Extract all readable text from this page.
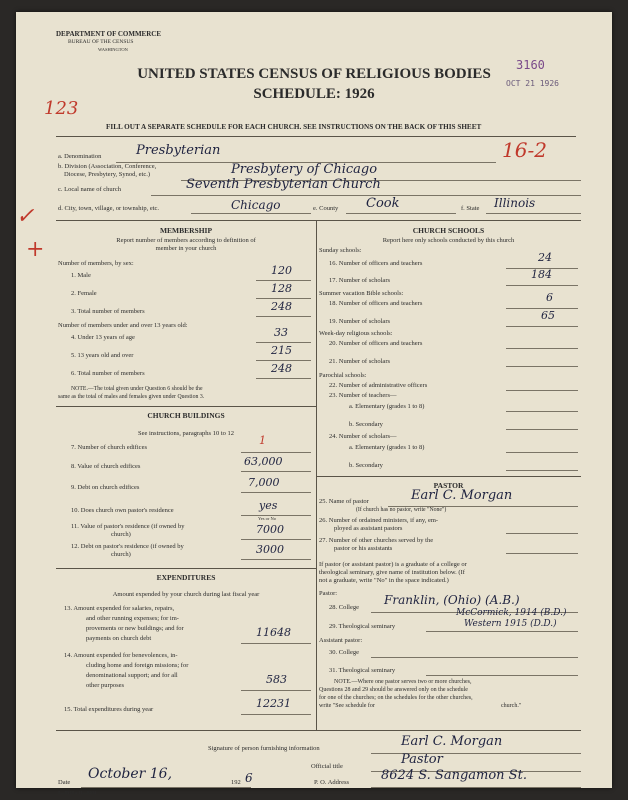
DEPARTMENT OF COMMERCE
BUREAU OF THE CENSUS
WASHINGTON
UNITED STATES CENSUS OF RELIGIOUS BODIES
SCHEDULE: 1926
3160
OCT 21 1926
123
FILL OUT A SEPARATE SCHEDULE FOR EACH CHURCH. SEE INSTRUCTIONS ON THE BACK OF THIS SHEET
16-2
✓
+
a. Denomination	Presbyterian
b. Division (Association, Conference,
Diocese, Presbytery, Synod, etc.)	Presbytery of Chicago
c. Local name of church	Seventh Presbyterian Church
d. City, town, village, or township, etc.	Chicago	e. County Cook	f. State Illinois
MEMBERSHIP
Report number of members according to definition of
member in your church
Number of members, by sex:
1. Male	120
2. Female	128
3. Total number of members	248
Number of members under and over 13 years old:
4. Under 13 years of age	33
5. 13 years old and over	215
6. Total number of members	248
NOTE.—The total given under Question 6 should be the
same as the total of males and females given under Question 3.
CHURCH BUILDINGS
See instructions, paragraphs 10 to 12
7. Number of church edifices
1
8. Value of church edifices	63,000
9. Debt on church edifices	7,000
10. Does church own pastor's residence	yes
Yes or No
11. Value of pastor's residence (if owned by
church)	7000
12. Debt on pastor's residence (if owned by
church)	3000
EXPENDITURES
Amount expended by your church during last fiscal year
13. Amount expended for salaries, repairs,
and other running expenses; for im-
provements or new buildings; and for
payments on church debt	11648
14. Amount expended for benevolences, in-
cluding home and foreign missions; for
denominational support; and for all
other purposes	583
15. Total expenditures during year	12231
CHURCH SCHOOLS
Report here only schools conducted by this church
Sunday schools:
16. Number of officers and teachers	24
17. Number of scholars	184
Summer vacation Bible schools:
18. Number of officers and teachers	6
19. Number of scholars	65
Week-day religious schools:
20. Number of officers and teachers
21. Number of scholars
Parochial schools:
22. Number of administrative officers
23. Number of teachers—
a. Elementary (grades 1 to 8)
b. Secondary
24. Number of scholars—
a. Elementary (grades 1 to 8)
b. Secondary
PASTOR
25. Name of pastor	Earl C. Morgan
(If church has no pastor, write "None")
26. Number of ordained ministers, if any, em-
ployed as assistant pastors
27. Number of other churches served by the
pastor or his assistants
If pastor (or assistant pastor) is a graduate of a college or
theological seminary, give name of institution below. (If
not a graduate, write "No" in the space indicated.)
Pastor:
28. College
Franklin, (Ohio) (A.B.)
29. Theological seminary
McCormick, 1914 (B.D.)
Western 1915 (D.D.)
Assistant pastor:
30. College
31. Theological seminary
NOTE.—Where one pastor serves two or more churches,
Questions 28 and 29 should be answered only on the schedule
for one of the churches; on the schedules for the other churches,
write "See schedule for	church."
Signature of person furnishing information	Earl C. Morgan
Official title	Pastor
Date
October 16,
192 6	P. O. Address 8624 S. Sangamon St.
8—5318 a 11—9204
